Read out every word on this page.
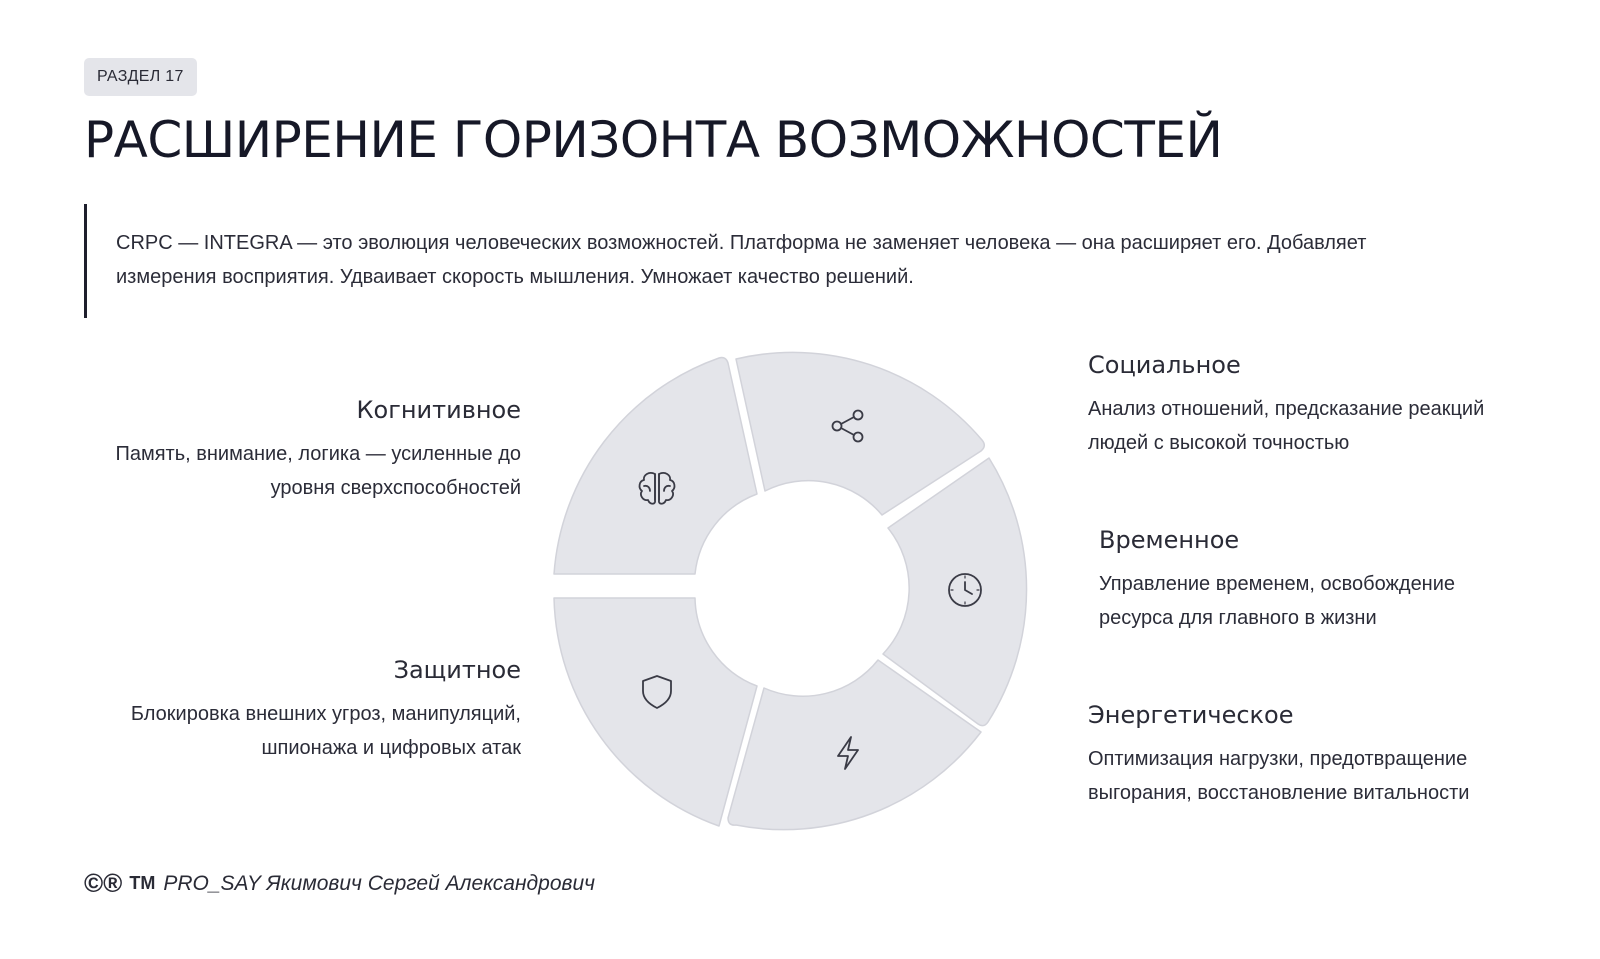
РАЗДЕЛ 17
РАСШИРЕНИЕ ГОРИЗОНТА ВОЗМОЖНОСТЕЙ
CRPC — INTEGRA — это эволюция человеческих возможностей. Платформа не заменяет человека — она расширяет его. Добавляет измерения восприятия. Удваивает скорость мышления. Умножает качество решений.
Когнитивное
Память, внимание, логика — усиленные до уровня сверхспособностей
Защитное
Блокировка внешних угроз, манипуляций, шпионажа и цифровых атак
Социальное
Анализ отношений, предсказание реакций людей с высокой точностью
Временное
Управление временем, освобождение ресурса для главного в жизни
Энергетическое
Оптимизация нагрузки, предотвращение выгорания, восстановление витальности
©® TM PRO_SAY Якимович Сергей Александрович
